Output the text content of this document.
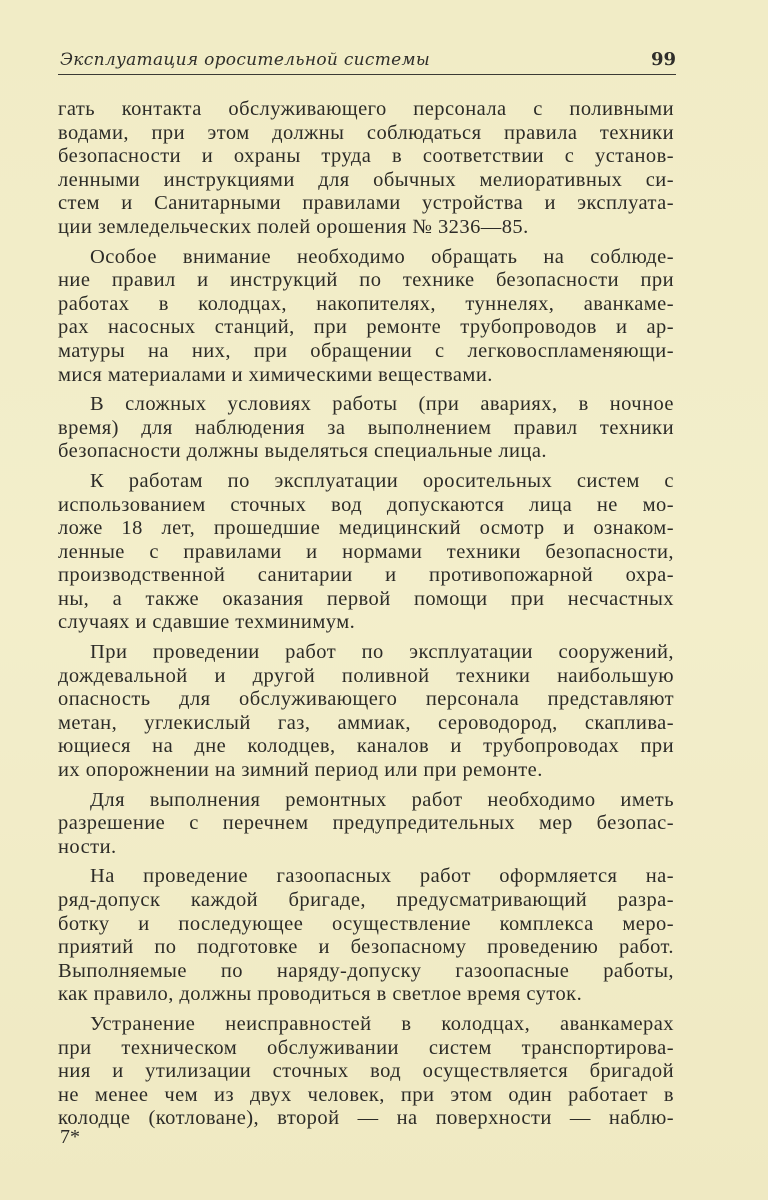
Эксплуатация оросительной системы	99
гать контакта обслуживающего персонала с поливными
водами, при этом должны соблюдаться правила техники
безопасности и охраны труда в соответствии с установ-
ленными инструкциями для обычных мелиоративных си-
стем и Санитарными правилами устройства и эксплуата-
ции земледельческих полей орошения № 3236—85.
Особое внимание необходимо обращать на соблюде-
ние правил и инструкций по технике безопасности при
работах в колодцах, накопителях, туннелях, аванкаме-
рах насосных станций, при ремонте трубопроводов и ар-
матуры на них, при обращении с легковоспламеняющи-
мися материалами и химическими веществами.
В сложных условиях работы (при авариях, в ночное
время) для наблюдения за выполнением правил техники
безопасности должны выделяться специальные лица.
К работам по эксплуатации оросительных систем с
использованием сточных вод допускаются лица не мо-
ложе 18 лет, прошедшие медицинский осмотр и ознаком-
ленные с правилами и нормами техники безопасности,
производственной санитарии и противопожарной охра-
ны, а также оказания первой помощи при несчастных
случаях и сдавшие техминимум.
При проведении работ по эксплуатации сооружений,
дождевальной и другой поливной техники наибольшую
опасность для обслуживающего персонала представляют
метан, углекислый газ, аммиак, сероводород, скаплива-
ющиеся на дне колодцев, каналов и трубопроводах при
их опорожнении на зимний период или при ремонте.
Для выполнения ремонтных работ необходимо иметь
разрешение с перечнем предупредительных мер безопас-
ности.
На проведение газоопасных работ оформляется на-
ряд-допуск каждой бригаде, предусматривающий разра-
ботку и последующее осуществление комплекса меро-
приятий по подготовке и безопасному проведению работ.
Выполняемые по наряду-допуску газоопасные работы,
как правило, должны проводиться в светлое время суток.
Устранение неисправностей в колодцах, аванкамерах
при техническом обслуживании систем транспортирова-
ния и утилизации сточных вод осуществляется бригадой
не менее чем из двух человек, при этом один работает в
колодце (котловане), второй — на поверхности — наблю-
7*
